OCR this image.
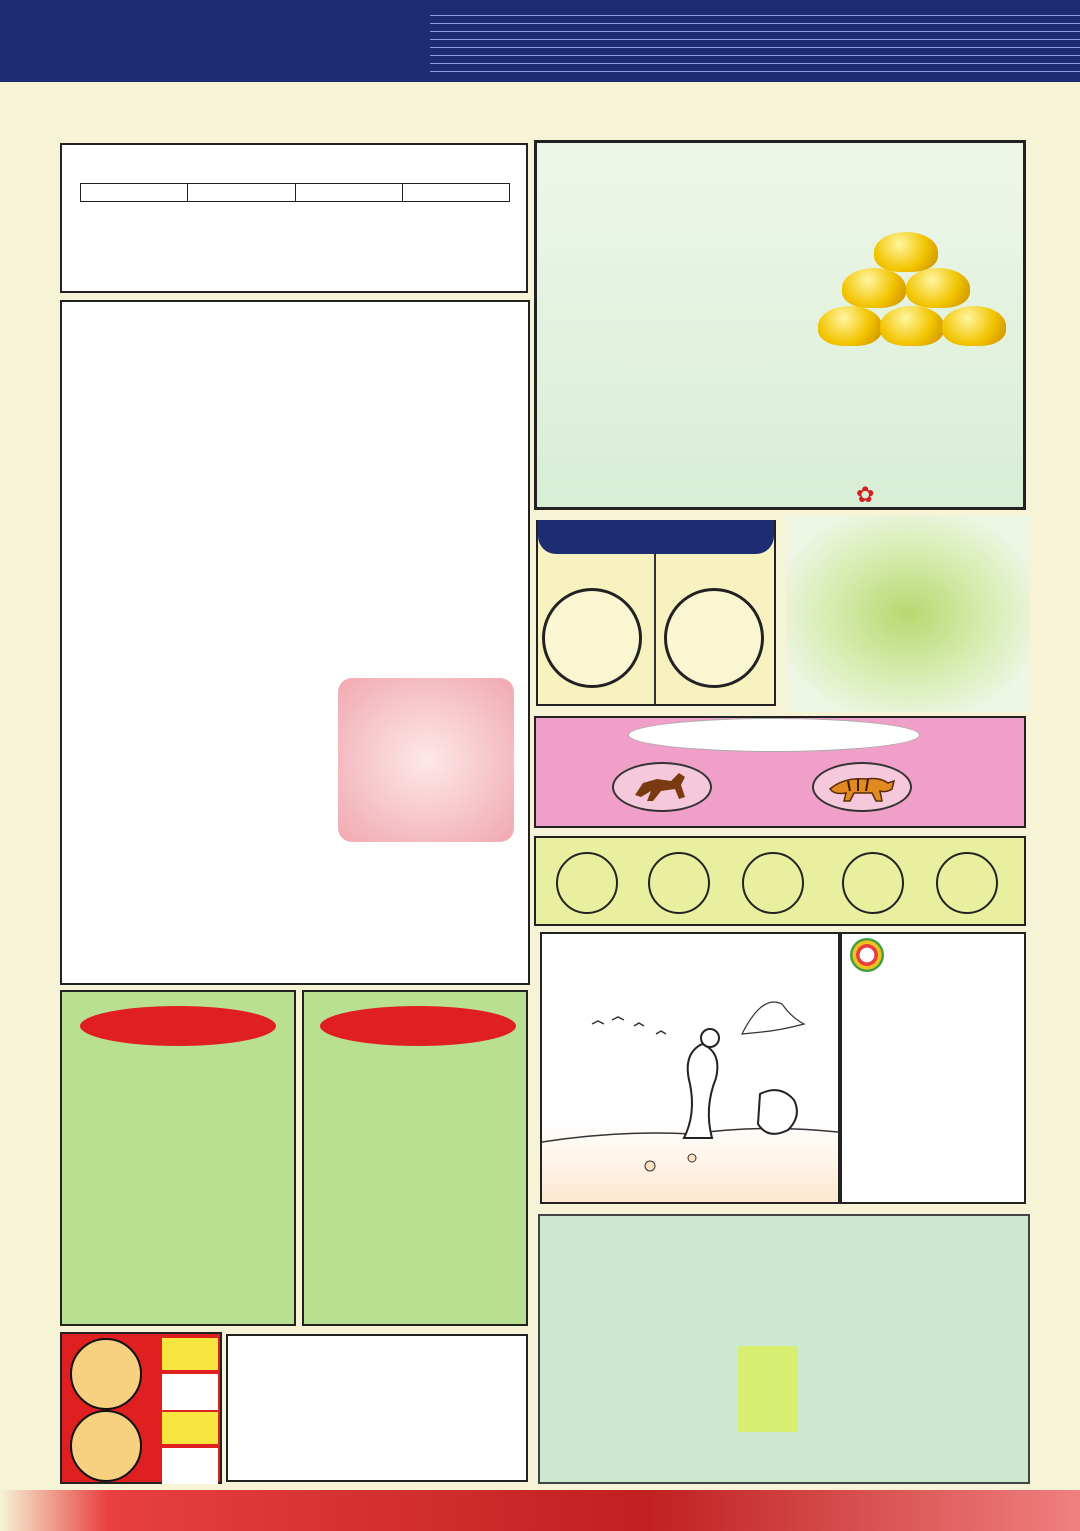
✿
